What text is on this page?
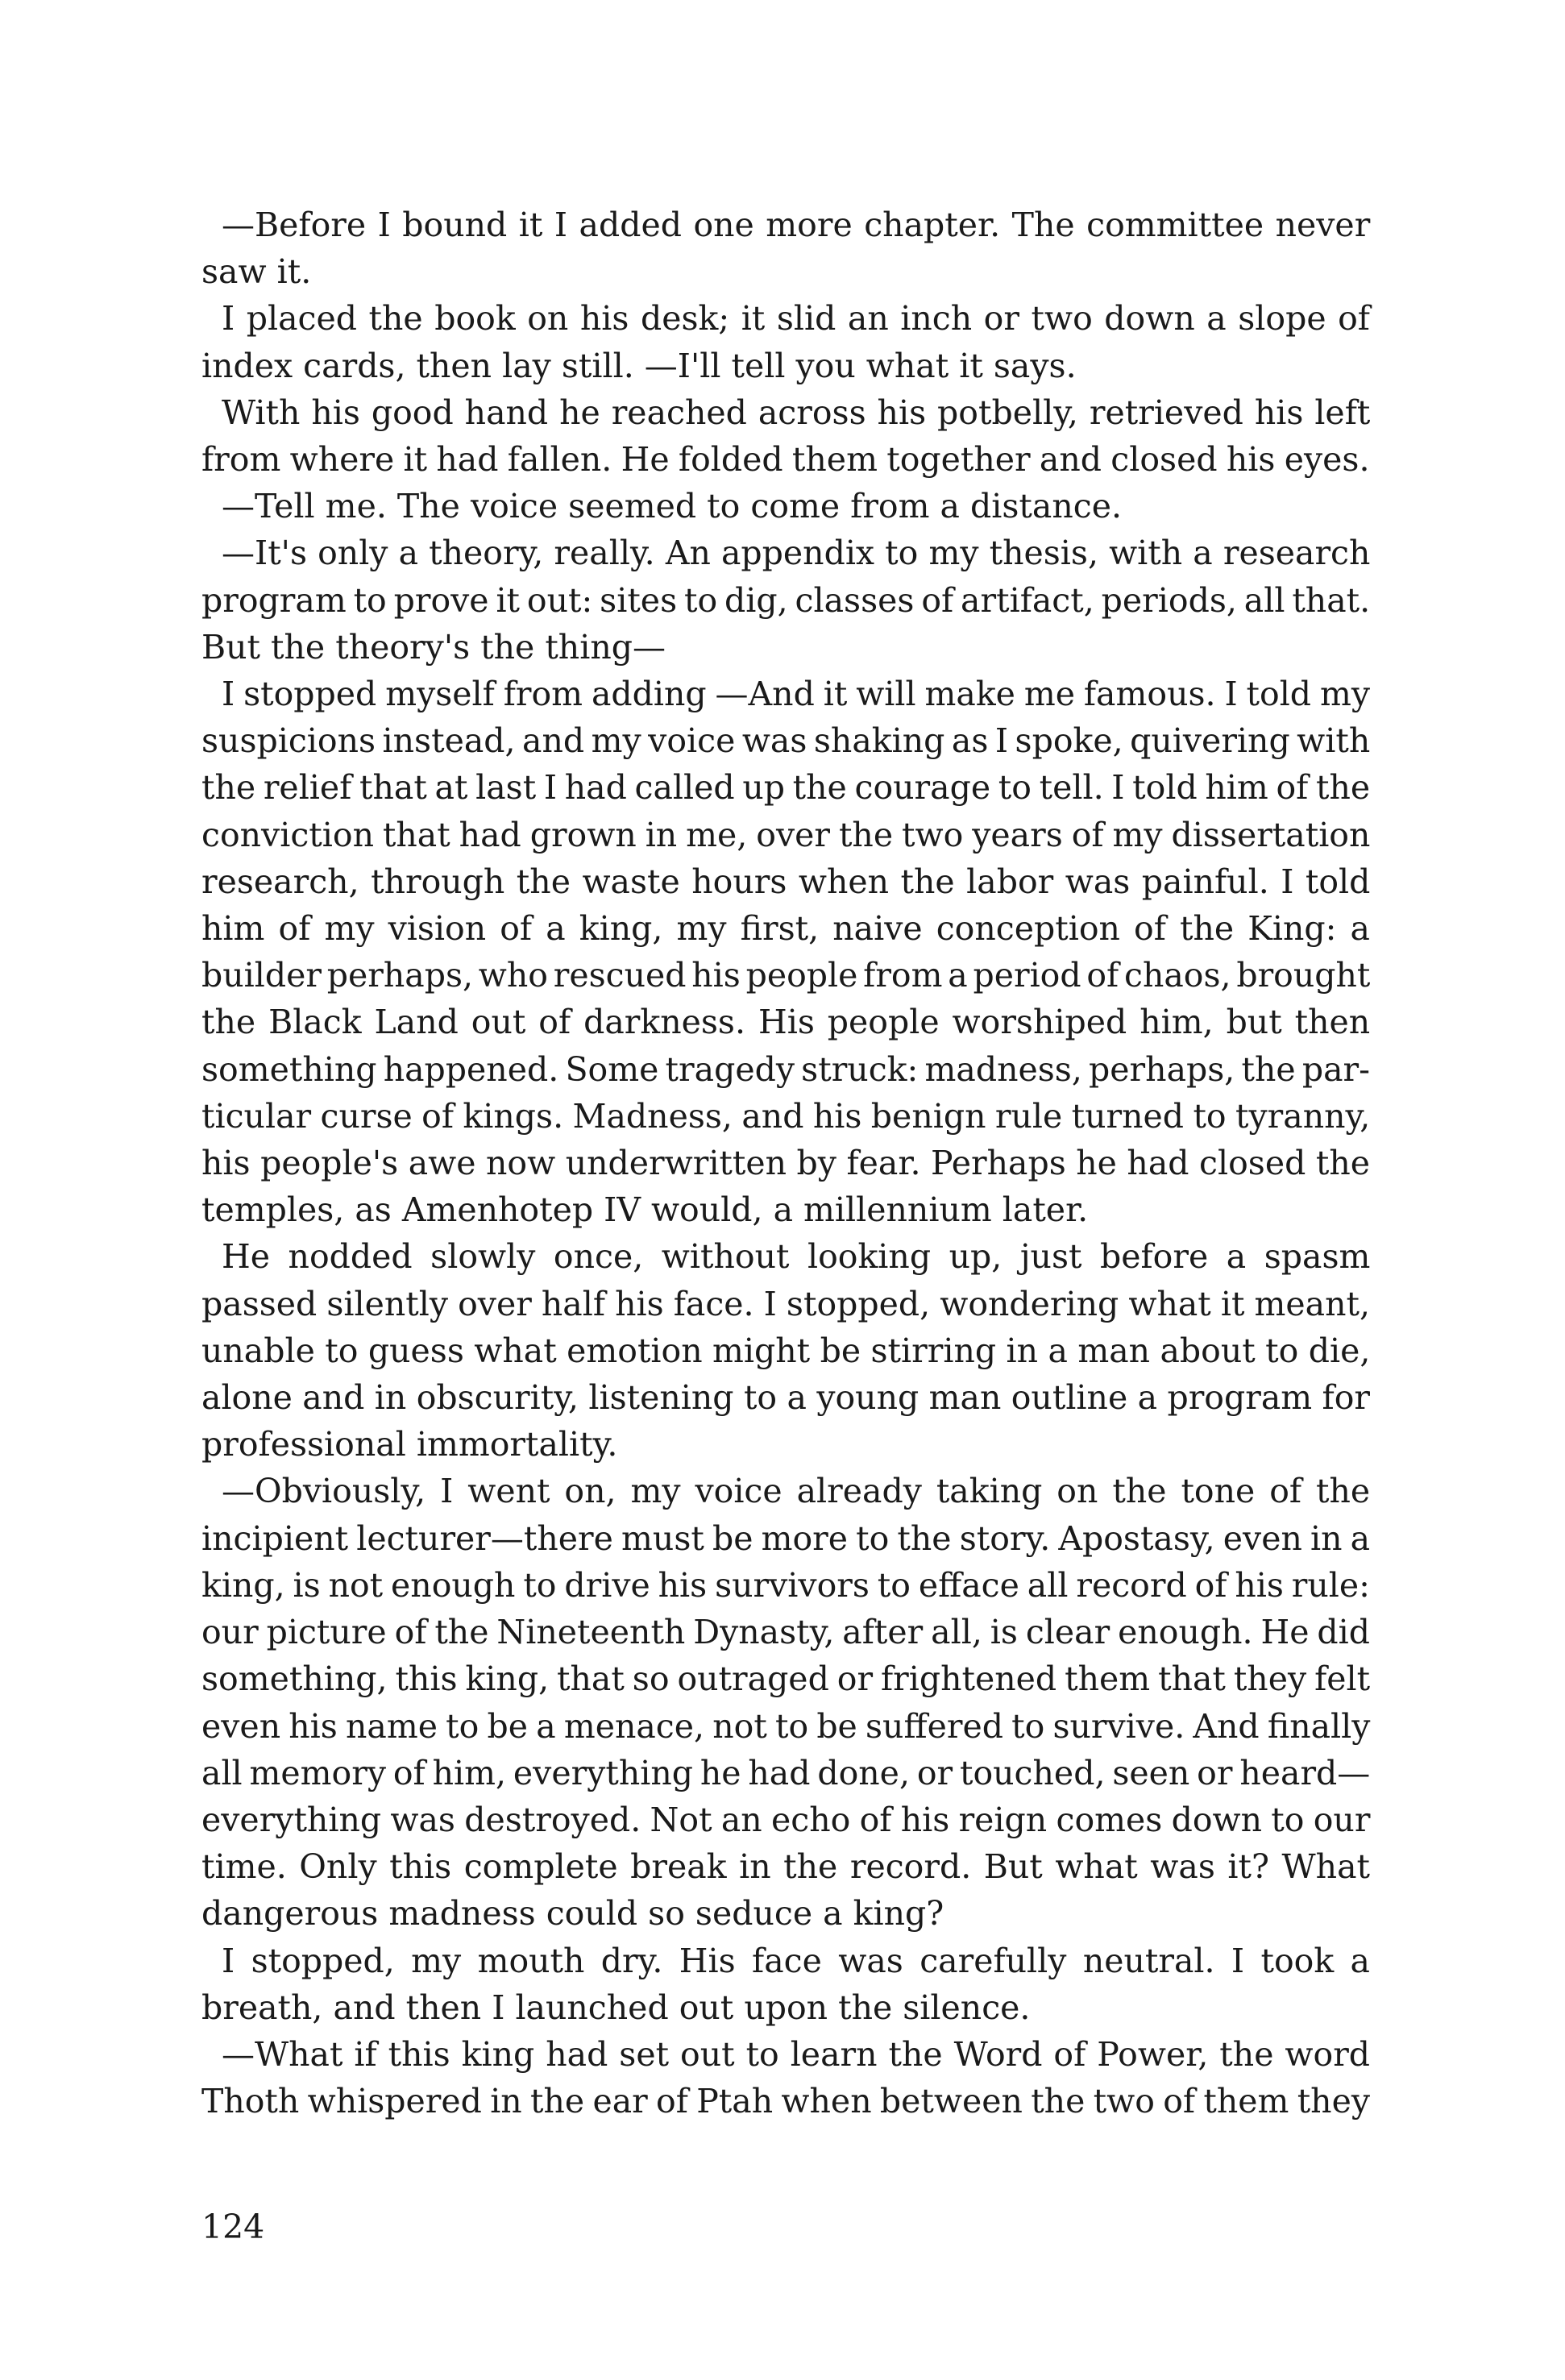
—Before I bound it I added one more chapter. The committee never
saw it.
I placed the book on his desk; it slid an inch or two down a slope of
index cards, then lay still. —I'll tell you what it says.
With his good hand he reached across his potbelly, retrieved his left
from where it had fallen. He folded them together and closed his eyes.
—Tell me. The voice seemed to come from a distance.
—It's only a theory, really. An appendix to my thesis, with a research
program to prove it out: sites to dig, classes of artifact, periods, all that.
But the theory's the thing—
I stopped myself from adding —And it will make me famous. I told my
suspicions instead, and my voice was shaking as I spoke, quivering with
the relief that at last I had called up the courage to tell. I told him of the
conviction that had grown in me, over the two years of my dissertation
research, through the waste hours when the labor was painful. I told
him of my vision of a king, my first, naive conception of the King: a
builder perhaps, who rescued his people from a period of chaos, brought
the Black Land out of darkness. His people worshiped him, but then
something happened. Some tragedy struck: madness, perhaps, the par-
ticular curse of kings. Madness, and his benign rule turned to tyranny,
his people's awe now underwritten by fear. Perhaps he had closed the
temples, as Amenhotep IV would, a millennium later.
He nodded slowly once, without looking up, just before a spasm
passed silently over half his face. I stopped, wondering what it meant,
unable to guess what emotion might be stirring in a man about to die,
alone and in obscurity, listening to a young man outline a program for
professional immortality.
—Obviously, I went on, my voice already taking on the tone of the
incipient lecturer—there must be more to the story. Apostasy, even in a
king, is not enough to drive his survivors to efface all record of his rule:
our picture of the Nineteenth Dynasty, after all, is clear enough. He did
something, this king, that so outraged or frightened them that they felt
even his name to be a menace, not to be suffered to survive. And finally
all memory of him, everything he had done, or touched, seen or heard—
everything was destroyed. Not an echo of his reign comes down to our
time. Only this complete break in the record. But what was it? What
dangerous madness could so seduce a king?
I stopped, my mouth dry. His face was carefully neutral. I took a
breath, and then I launched out upon the silence.
—What if this king had set out to learn the Word of Power, the word
Thoth whispered in the ear of Ptah when between the two of them they
124
